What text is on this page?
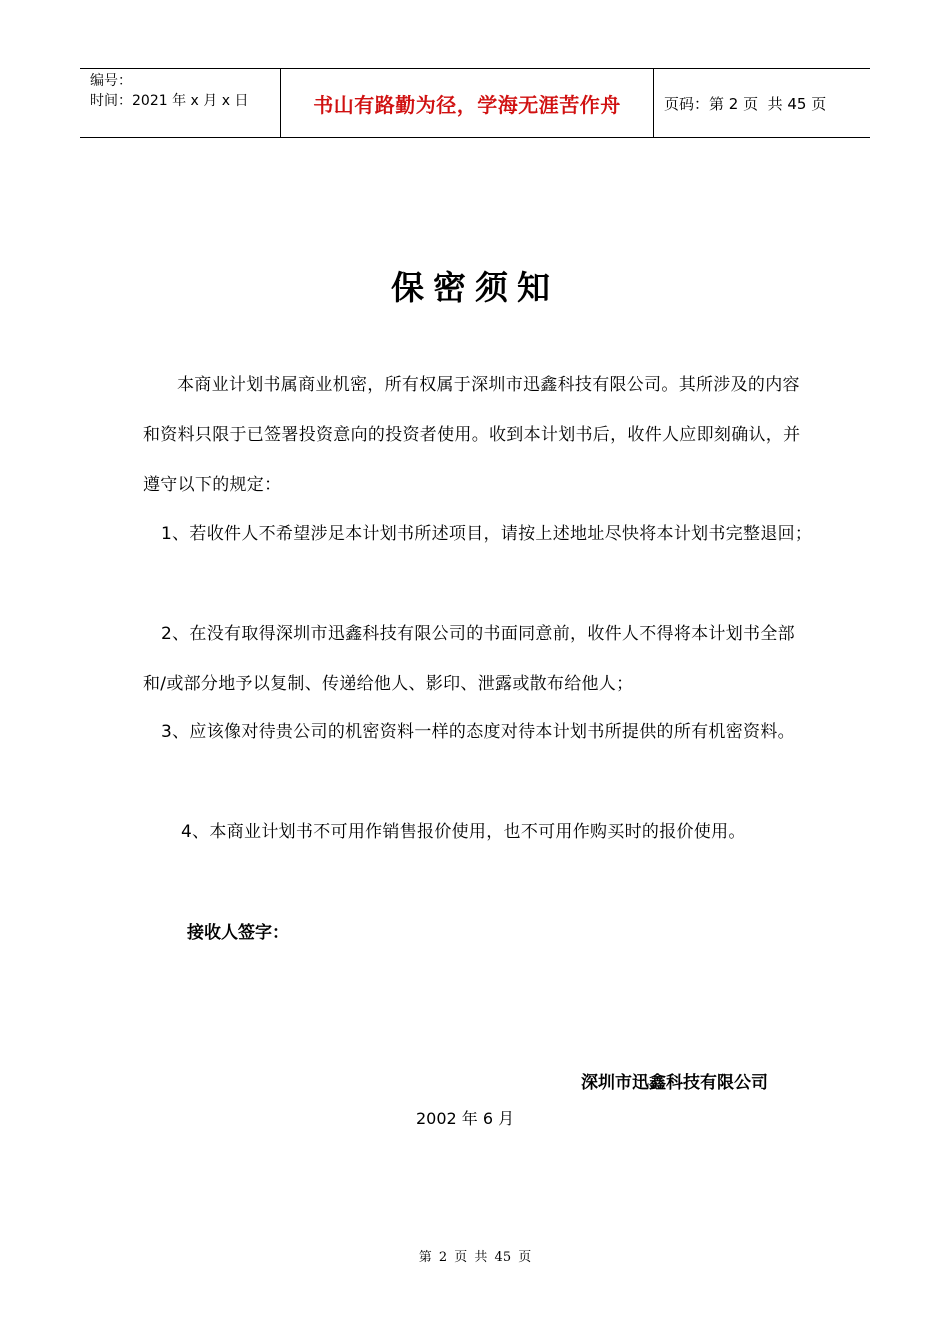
编号：
时间：2021 年 x 月 x 日	书山有路勤为径，学海无涯苦作舟	页码：第 2 页  共 45 页
保密须知
本商业计划书属商业机密，所有权属于深圳市迅鑫科技有限公司。其所涉及的内容和资料只限于已签署投资意向的投资者使用。收到本计划书后，收件人应即刻确认，并遵守以下的规定：
1、若收件人不希望涉足本计划书所述项目，请按上述地址尽快将本计划书完整退回；
2、在没有取得深圳市迅鑫科技有限公司的书面同意前，收件人不得将本计划书全部和/或部分地予以复制、传递给他人、影印、泄露或散布给他人；
3、应该像对待贵公司的机密资料一样的态度对待本计划书所提供的所有机密资料。
4、本商业计划书不可用作销售报价使用，也不可用作购买时的报价使用。
接收人签字：
深圳市迅鑫科技有限公司
2002 年 6 月
第 2 页 共 45 页
